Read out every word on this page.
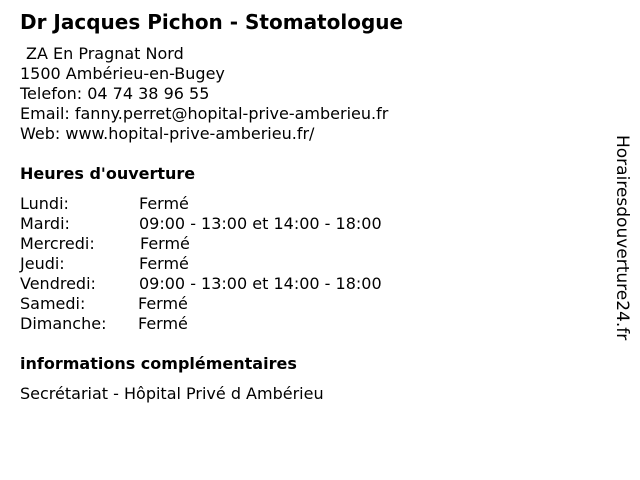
Dr Jacques Pichon - Stomatologue
ZA En Pragnat Nord
1500 Ambérieu-en-Bugey
Telefon: 04 74 38 96 55
Email: fanny.perret@hopital-prive-amberieu.fr
Web: www.hopital-prive-amberieu.fr/
Heures d'ouverture
Lundi:	Fermé
Mardi:	09:00 - 13:00 et 14:00 - 18:00
Mercredi:	Fermé
Jeudi:	Fermé
Vendredi:	09:00 - 13:00 et 14:00 - 18:00
Samedi:	Fermé
Dimanche: Fermé
informations complémentaires
Secrétariat - Hôpital Privé d Ambérieu
Horairesdouverture24.fr
